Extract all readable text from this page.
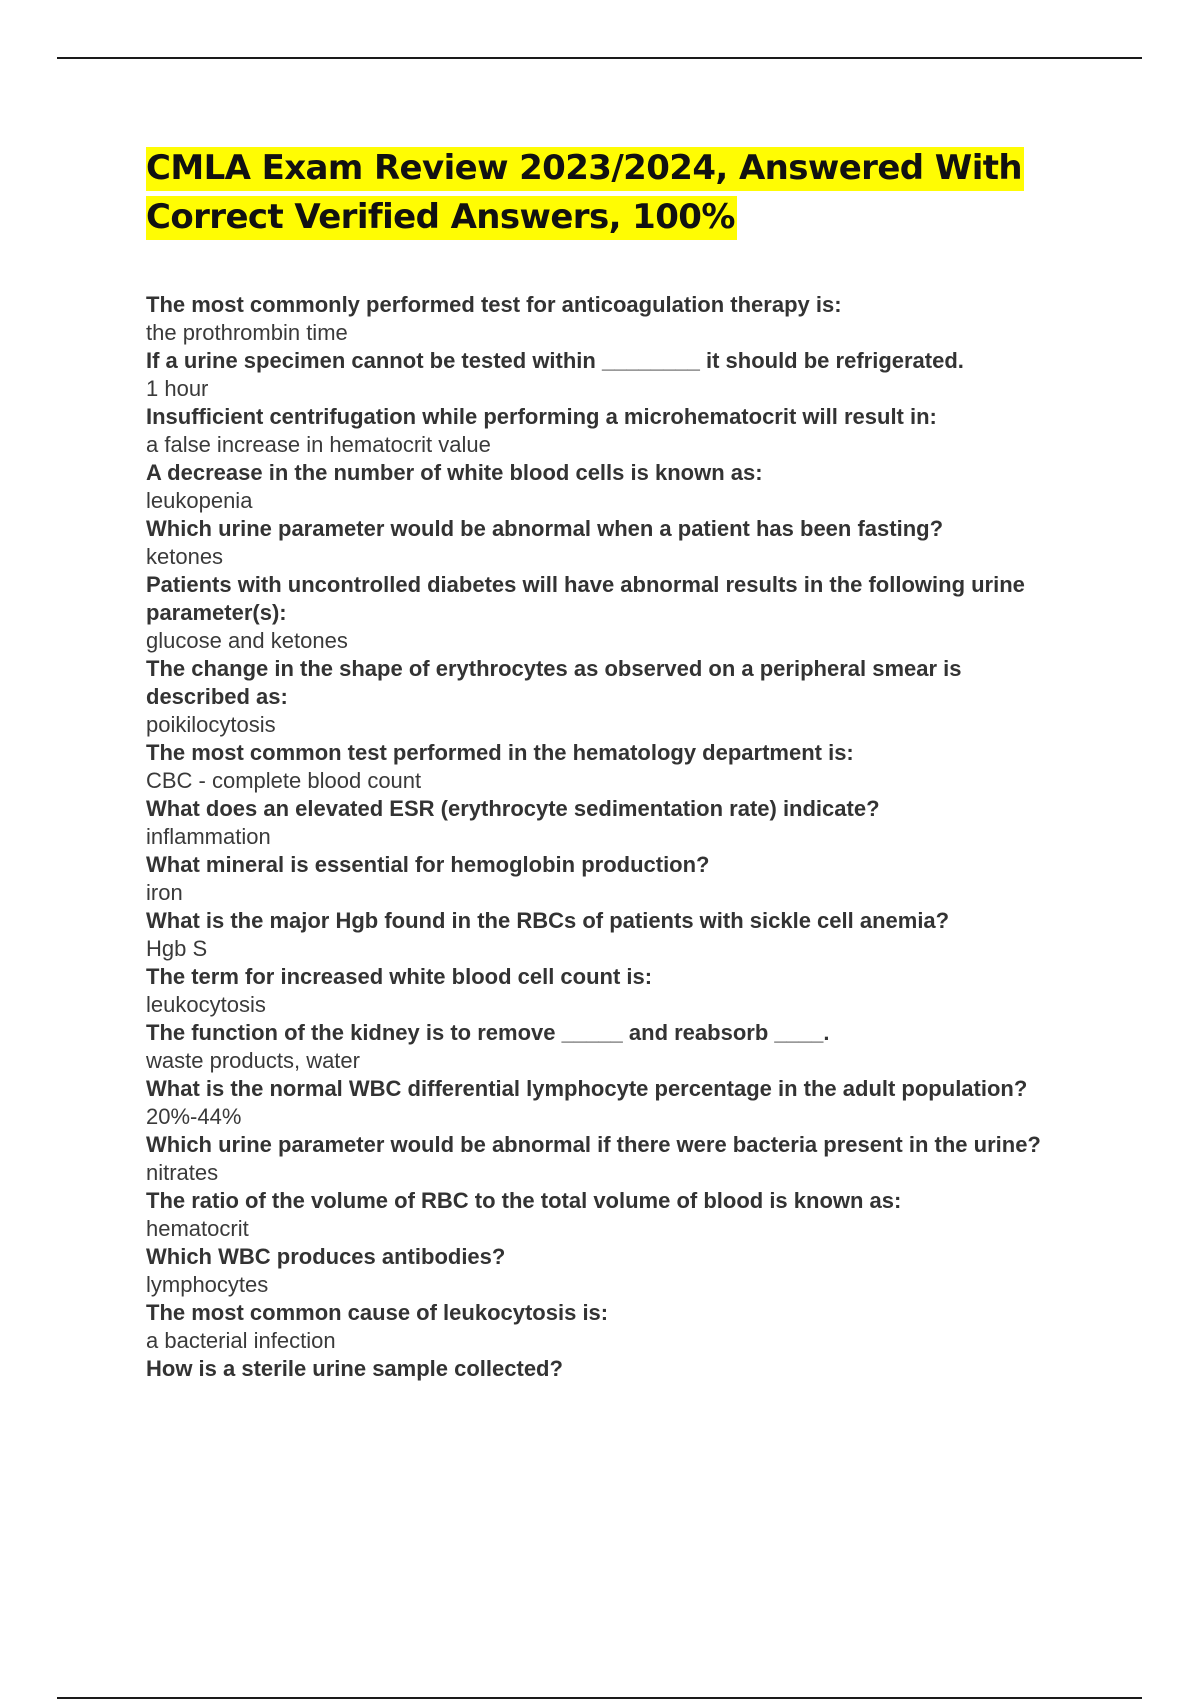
CMLA Exam Review 2023/2024, Answered With
Correct Verified Answers, 100%

The most commonly performed test for anticoagulation therapy is:

the prothrombin time

If a urine specimen cannot be tested within ________ it should be refrigerated.

1 hour

Insufficient centrifugation while performing a microhematocrit will result in:

a false increase in hematocrit value

A decrease in the number of white blood cells is known as:

leukopenia

Which urine parameter would be abnormal when a patient has been fasting?

ketones

Patients with uncontrolled diabetes will have abnormal results in the following urine parameter(s):

glucose and ketones

The change in the shape of erythrocytes as observed on a peripheral smear is described as:

poikilocytosis

The most common test performed in the hematology department is:

CBC - complete blood count

What does an elevated ESR (erythrocyte sedimentation rate) indicate?

inflammation

What mineral is essential for hemoglobin production?

iron

What is the major Hgb found in the RBCs of patients with sickle cell anemia?

Hgb S

The term for increased white blood cell count is:

leukocytosis

The function of the kidney is to remove _____ and reabsorb ____.

waste products, water

What is the normal WBC differential lymphocyte percentage in the adult population?

20%-44%

Which urine parameter would be abnormal if there were bacteria present in the urine?

nitrates

The ratio of the volume of RBC to the total volume of blood is known as:

hematocrit

Which WBC produces antibodies?

lymphocytes

The most common cause of leukocytosis is:

a bacterial infection

How is a sterile urine sample collected?
